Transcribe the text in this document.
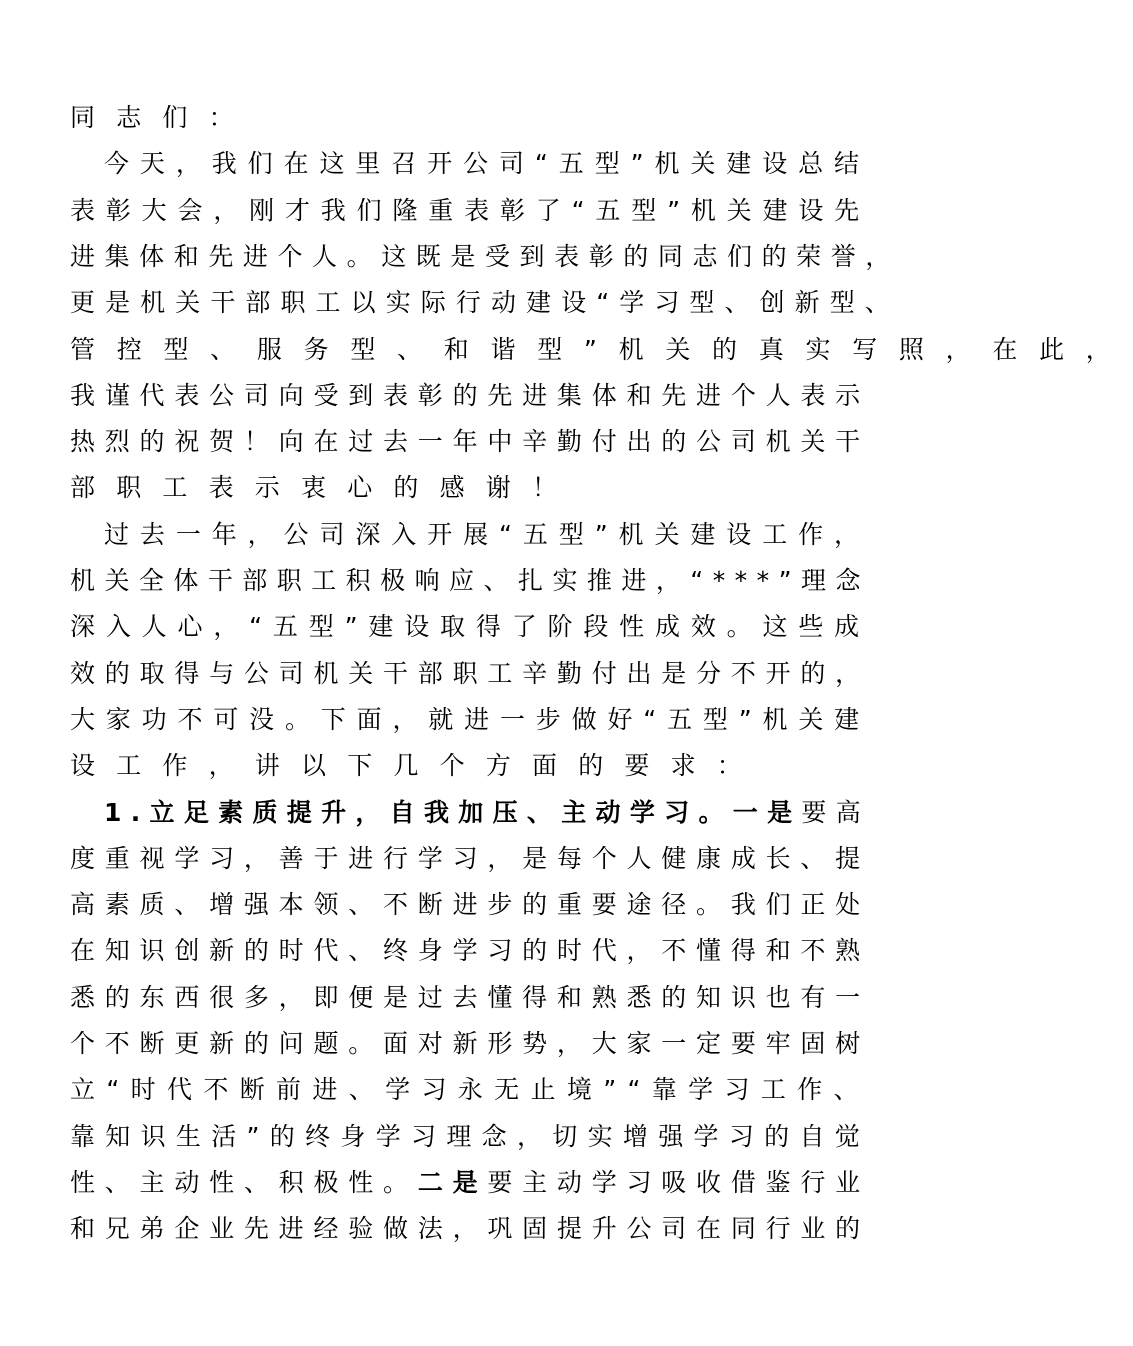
同志们：
今天，我们在这里召开公司“五型”机关建设总结
表彰大会，刚才我们隆重表彰了“五型”机关建设先
进集体和先进个人。这既是受到表彰的同志们的荣誉，
更是机关干部职工以实际行动建设“学习型、创新型、
管控型、服务型、和谐型”机关的真实写照，在此，
我谨代表公司向受到表彰的先进集体和先进个人表示
热烈的祝贺！向在过去一年中辛勤付出的公司机关干
部职工表示衷心的感谢！
过去一年，公司深入开展“五型”机关建设工作，
机关全体干部职工积极响应、扎实推进，“***”理念
深入人心，“五型”建设取得了阶段性成效。这些成
效的取得与公司机关干部职工辛勤付出是分不开的，
大家功不可没。下面，就进一步做好“五型”机关建
设工作，讲以下几个方面的要求：
1.立足素质提升，自我加压、主动学习。一是要高
度重视学习，善于进行学习，是每个人健康成长、提
高素质、增强本领、不断进步的重要途径。我们正处
在知识创新的时代、终身学习的时代，不懂得和不熟
悉的东西很多，即便是过去懂得和熟悉的知识也有一
个不断更新的问题。面对新形势，大家一定要牢固树
立“时代不断前进、学习永无止境”“靠学习工作、
靠知识生活”的终身学习理念，切实增强学习的自觉
性、主动性、积极性。二是要主动学习吸收借鉴行业
和兄弟企业先进经验做法，巩固提升公司在同行业的
